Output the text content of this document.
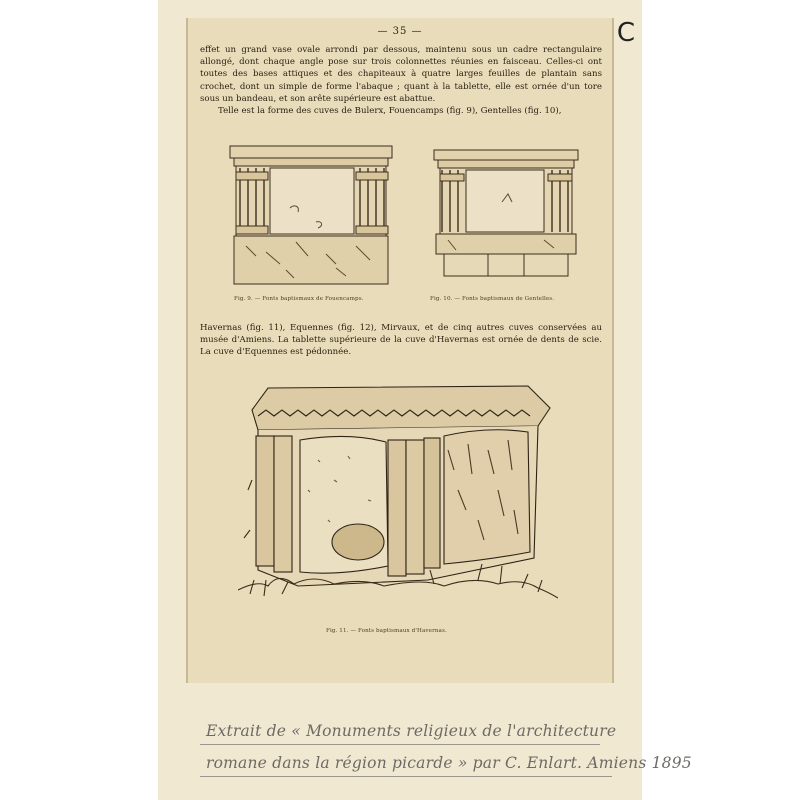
C
— 35 —
effet un grand vase ovale arrondi par dessous, maintenu sous un cadre rectangulaire allongé, dont chaque angle pose sur trois colonnettes réunies en faisceau. Celles-ci ont toutes des bases attiques et des chapiteaux à quatre larges feuilles de plantain sans crochet, dont un simple de forme l'abaque ; quant à la tablette, elle est ornée d'un tore sous un bandeau, et son arête supérieure est abattue.
Telle est la forme des cuves de Bulerx, Fouencamps (fig. 9), Gentelles (fig. 10),
Fig. 9. — Fonts baptismaux de Fouencamps.	Fig. 10. — Fonts baptismaux de Gentelles.
Havernas (fig. 11), Equennes (fig. 12), Mirvaux, et de cinq autres cuves conservées au musée d'Amiens. La tablette supérieure de la cuve d'Havernas est ornée de dents de scie. La cuve d'Equennes est pédonnée.
Fig. 11. — Fonts baptismaux d'Havernas.
Extrait de « Monuments religieux de l'architecture
romane dans la région picarde » par C. Enlart. Amiens 1895
